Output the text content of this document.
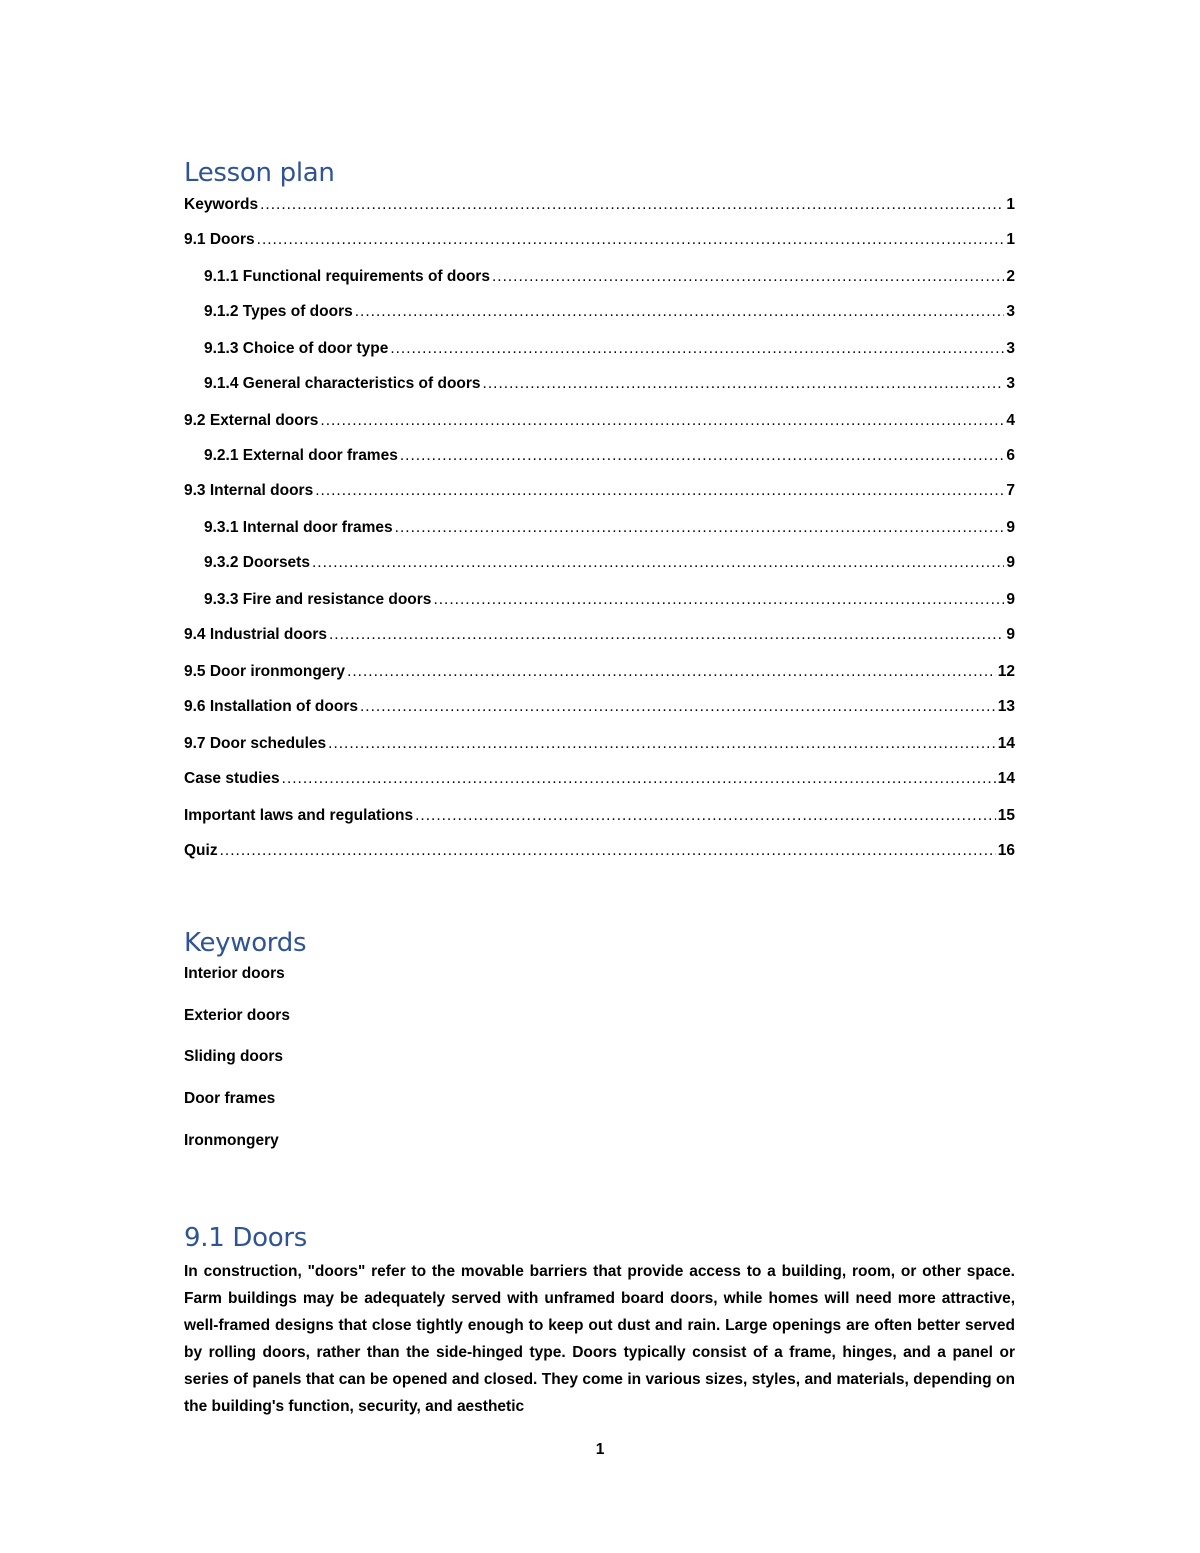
Lesson plan
Keywords .....	1
9.1 Doors .....	1
9.1.1 Functional requirements of doors .....	2
9.1.2 Types of doors .....	3
9.1.3 Choice of door type .....	3
9.1.4 General characteristics of doors .....	3
9.2 External doors .....	4
9.2.1 External door frames .....	6
9.3 Internal doors .....	7
9.3.1 Internal door frames .....	9
9.3.2 Doorsets .....	9
9.3.3 Fire and resistance doors .....	9
9.4 Industrial doors .....	9
9.5 Door ironmongery .....	12
9.6 Installation of doors .....	13
9.7 Door schedules .....	14
Case studies .....	14
Important laws and regulations .....	15
Quiz .....	16
Keywords
Interior doors
Exterior doors
Sliding doors
Door frames
Ironmongery
9.1 Doors
In construction, "doors" refer to the movable barriers that provide access to a building, room, or other space. Farm buildings may be adequately served with unframed board doors, while homes will need more attractive, well-framed designs that close tightly enough to keep out dust and rain. Large openings are often better served by rolling doors, rather than the side-hinged type. Doors typically consist of a frame, hinges, and a panel or series of panels that can be opened and closed. They come in various sizes, styles, and materials, depending on the building's function, security, and aesthetic
1
